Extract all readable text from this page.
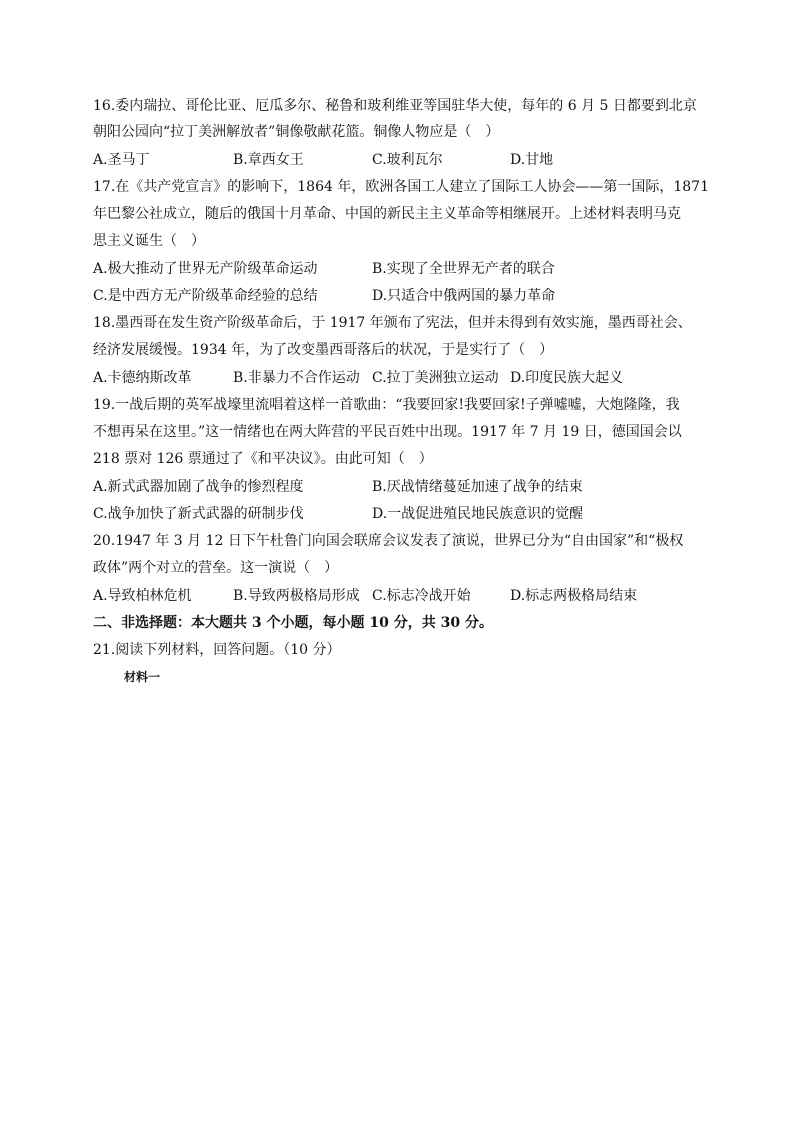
16.委内瑞拉、哥伦比亚、厄瓜多尔、秘鲁和玻利维亚等国驻华大使，每年的 6 月 5 日都要到北京
朝阳公园向“拉丁美洲解放者”铜像敬献花篮。铜像人物应是（　）
A.圣马丁	B.章西女王	C.玻利瓦尔	D.甘地
17.在《共产党宣言》的影响下，1864 年，欧洲各国工人建立了国际工人协会——第一国际，1871
年巴黎公社成立，随后的俄国十月革命、中国的新民主主义革命等相继展开。上述材料表明马克
思主义诞生（　）
A.极大推动了世界无产阶级革命运动	B.实现了全世界无产者的联合
C.是中西方无产阶级革命经验的总结	D.只适合中俄两国的暴力革命
18.墨西哥在发生资产阶级革命后，于 1917 年颁布了宪法，但并未得到有效实施，墨西哥社会、
经济发展缓慢。1934 年，为了改变墨西哥落后的状况，于是实行了（　）
A.卡德纳斯改革	B.非暴力不合作运动 C.拉丁美洲独立运动 D.印度民族大起义
19.一战后期的英军战壕里流唱着这样一首歌曲：“我要回家!我要回家!子弹嘘嘘，大炮隆隆，我
不想再呆在这里。”这一情绪也在两大阵营的平民百姓中出现。1917 年 7 月 19 日，德国国会以
218 票对 126 票通过了《和平决议》。由此可知（　）
A.新式武器加剧了战争的惨烈程度	B.厌战情绪蔓延加速了战争的结束
C.战争加快了新式武器的研制步伐	D.一战促进殖民地民族意识的觉醒
20.1947 年 3 月 12 日下午杜鲁门向国会联席会议发表了演说，世界已分为“自由国家”和“极权
政体”两个对立的营垒。这一演说（　）
A.导致柏林危机	B.导致两极格局形成 C.标志冷战开始	D.标志两极格局结束
二、非选择题：本大题共 3 个小题，每小题 10 分，共 30 分。
21.阅读下列材料，回答问题。（10 分）
材料一
